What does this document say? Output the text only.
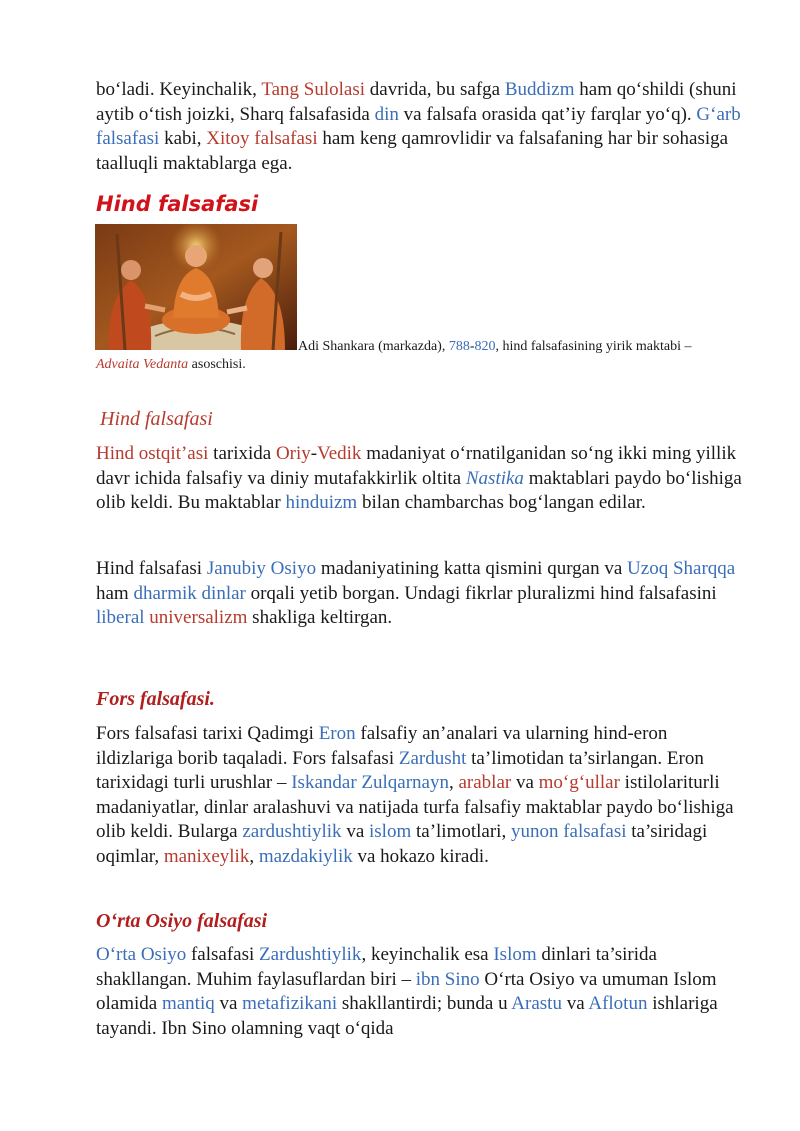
bo‘ladi. Keyinchalik, Tang Sulolasi davrida, bu safga Buddizm ham qo‘shildi (shuni aytib o‘tish joizki, Sharq falsafasida din va falsafa orasida qat’iy farqlar yo‘q). G‘arb falsafasi kabi, Xitoy falsafasi ham keng qamrovlidir va falsafaning har bir sohasiga taalluqli maktablarga ega.

Hind falsafasi
Adi Shankara (markazda), 788-820, hind falsafasining yirik maktabi – Advaita Vedanta asoschisi.
Hind falsafasi

Hind ostqit’asi tarixida Oriy-Vedik madaniyat o‘rnatilganidan so‘ng ikki ming yillik davr ichida falsafiy va diniy mutafakkirlik oltita Nastika maktablari paydo bo‘lishiga olib keldi. Bu maktablar hinduizm bilan chambarchas bog‘langan edilar.

Hind falsafasi Janubiy Osiyo madaniyatining katta qismini qurgan va Uzoq Sharqqa ham dharmik dinlar orqali yetib borgan. Undagi fikrlar pluralizmi hind falsafasini liberal universalizm shakliga keltirgan.

Fors falsafasi.

Fors falsafasi tarixi Qadimgi Eron falsafiy an’analari va ularning hind-eron ildizlariga borib taqaladi. Fors falsafasi Zardusht ta’limotidan ta’sirlangan. Eron tarixidagi turli urushlar – Iskandar Zulqarnayn, arablar va mo‘g‘ullar istilolariturli madaniyatlar, dinlar aralashuvi va natijada turfa falsafiy maktablar paydo bo‘lishiga olib keldi. Bularga zardushtiylik va islom ta’limotlari, yunon falsafasi ta’siridagi oqimlar, manixeylik, mazdakiylik va hokazo kiradi.

O‘rta Osiyo falsafasi

O‘rta Osiyo falsafasi Zardushtiylik, keyinchalik esa Islom dinlari ta’sirida shakllangan. Muhim faylasuflardan biri – ibn Sino O‘rta Osiyo va umuman Islom olamida mantiq va metafizikani shakllantirdi; bunda u Arastu va Aflotun ishlariga tayandi. Ibn Sino olamning vaqt o‘qida
